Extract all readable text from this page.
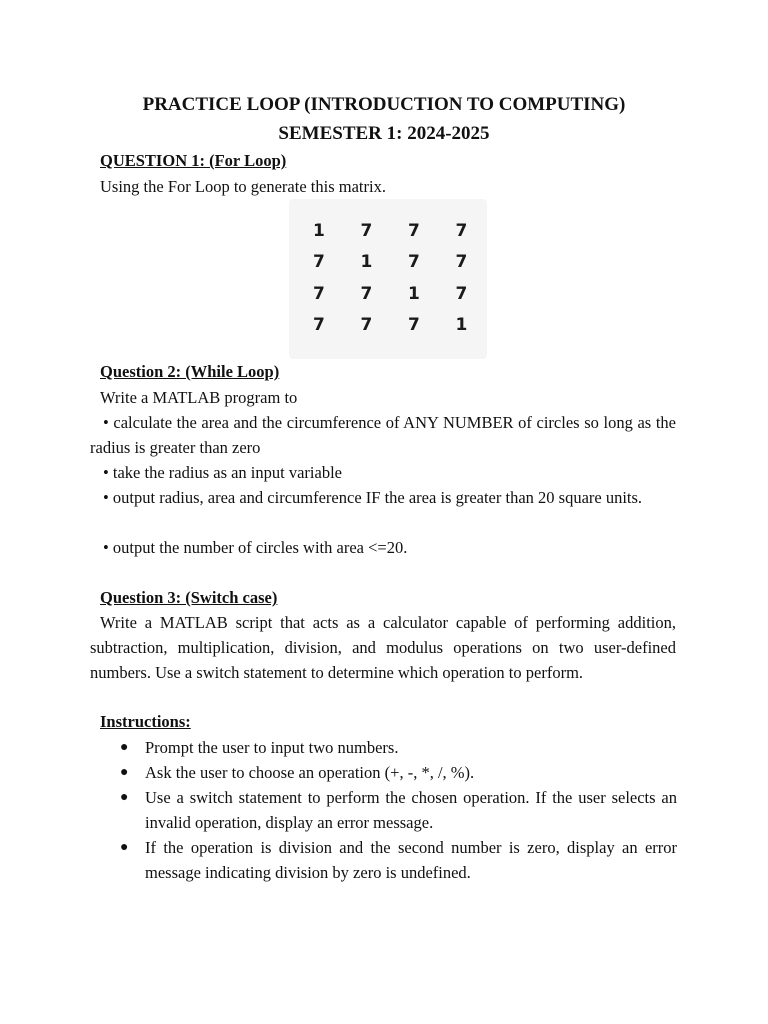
PRACTICE LOOP (INTRODUCTION TO COMPUTING)
SEMESTER 1: 2024-2025

QUESTION 1: (For Loop)

Using the For Loop to generate this matrix.

1	7	7	7
7	1	7	7
7	7	1	7
7	7	7	1

Question 2: (While Loop)

Write a MATLAB program to

• calculate the area and the circumference of ANY NUMBER of circles so long as the radius is greater than zero

• take the radius as an input variable

• output radius, area and circumference IF the area is greater than 20 square units.

• output the number of circles with area <=20.

Question 3: (Switch case)

Write a MATLAB script that acts as a calculator capable of performing addition, subtraction, multiplication, division, and modulus operations on two user-defined numbers. Use a switch statement to determine which operation to perform.

Instructions:

● Prompt the user to input two numbers.
● Ask the user to choose an operation (+, -, *, /, %).
● Use a switch statement to perform the chosen operation. If the user selects an invalid operation, display an error message.
● If the operation is division and the second number is zero, display an error message indicating division by zero is undefined.
